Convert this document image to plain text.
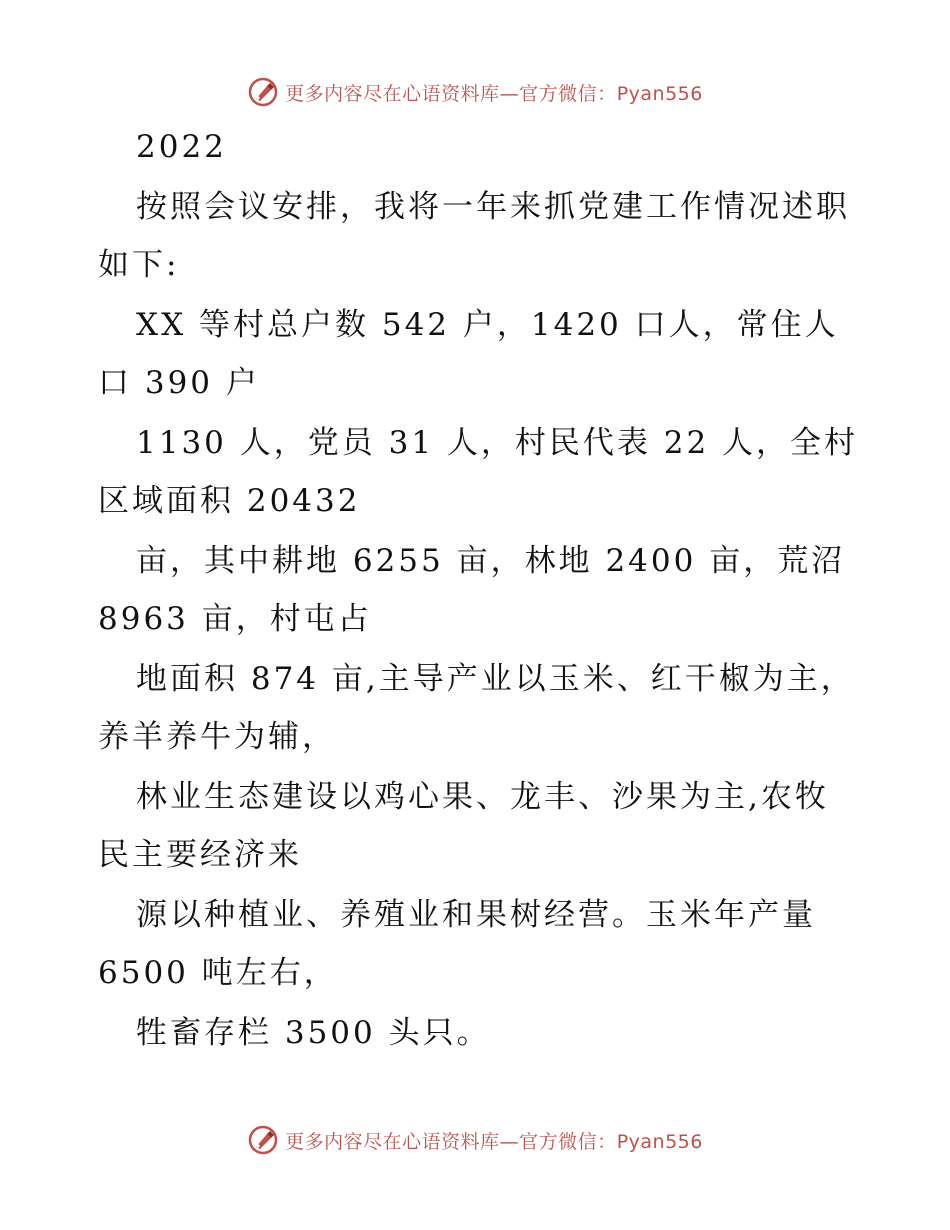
更多内容尽在心语资料库—官方微信：Pyan556
2022
按照会议安排，我将一年来抓党建工作情况述职
如下:
XX 等村总户数 542 户，1420 口人，常住人
口 390 户
1130 人，党员 31 人，村民代表 22 人，全村
区域面积 20432
亩，其中耕地 6255 亩，林地 2400 亩，荒沼
8963 亩，村屯占
地面积 874 亩,主导产业以玉米、红干椒为主，
养羊养牛为辅，
林业生态建设以鸡心果、龙丰、沙果为主,农牧
民主要经济来
源以种植业、养殖业和果树经营。玉米年产量
6500 吨左右，
牲畜存栏 3500 头只。
更多内容尽在心语资料库—官方微信：Pyan556
